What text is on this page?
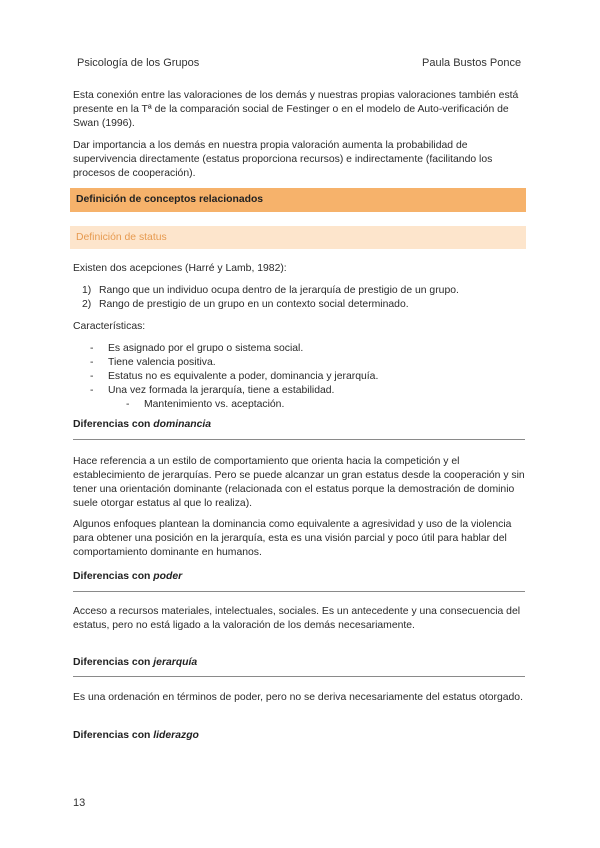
Psicología de los Grupos	Paula Bustos Ponce

Esta conexión entre las valoraciones de los demás y nuestras propias valoraciones también está presente en la Tª de la comparación social de Festinger o en el modelo de Auto-verificación de Swan (1996).

Dar importancia a los demás en nuestra propia valoración aumenta la probabilidad de supervivencia directamente (estatus proporciona recursos) e indirectamente (facilitando los procesos de cooperación).

Definición de conceptos relacionados
Definición de status

Existen dos acepciones (Harré y Lamb, 1982):

1) Rango que un individuo ocupa dentro de la jerarquía de prestigio de un grupo.
2) Rango de prestigio de un grupo en un contexto social determinado.

Características:

- Es asignado por el grupo o sistema social.
- Tiene valencia positiva.
- Estatus no es equivalente a poder, dominancia y jerarquía.
- Una vez formada la jerarquía, tiene a estabilidad.
- Mantenimiento vs. aceptación.
Diferencias con dominancia

Hace referencia a un estilo de comportamiento que orienta hacia la competición y el establecimiento de jerarquías. Pero se puede alcanzar un gran estatus desde la cooperación y sin tener una orientación dominante (relacionada con el estatus porque la demostración de dominio suele otorgar estatus al que lo realiza).

Algunos enfoques plantean la dominancia como equivalente a agresividad y uso de la violencia para obtener una posición en la jerarquía, esta es una visión parcial y poco útil para hablar del comportamiento dominante en humanos.

Diferencias con poder

Acceso a recursos materiales, intelectuales, sociales. Es un antecedente y una consecuencia del estatus, pero no está ligado a la valoración de los demás necesariamente.

Diferencias con jerarquía

Es una ordenación en términos de poder, pero no se deriva necesariamente del estatus otorgado.

Diferencias con liderazgo
13
